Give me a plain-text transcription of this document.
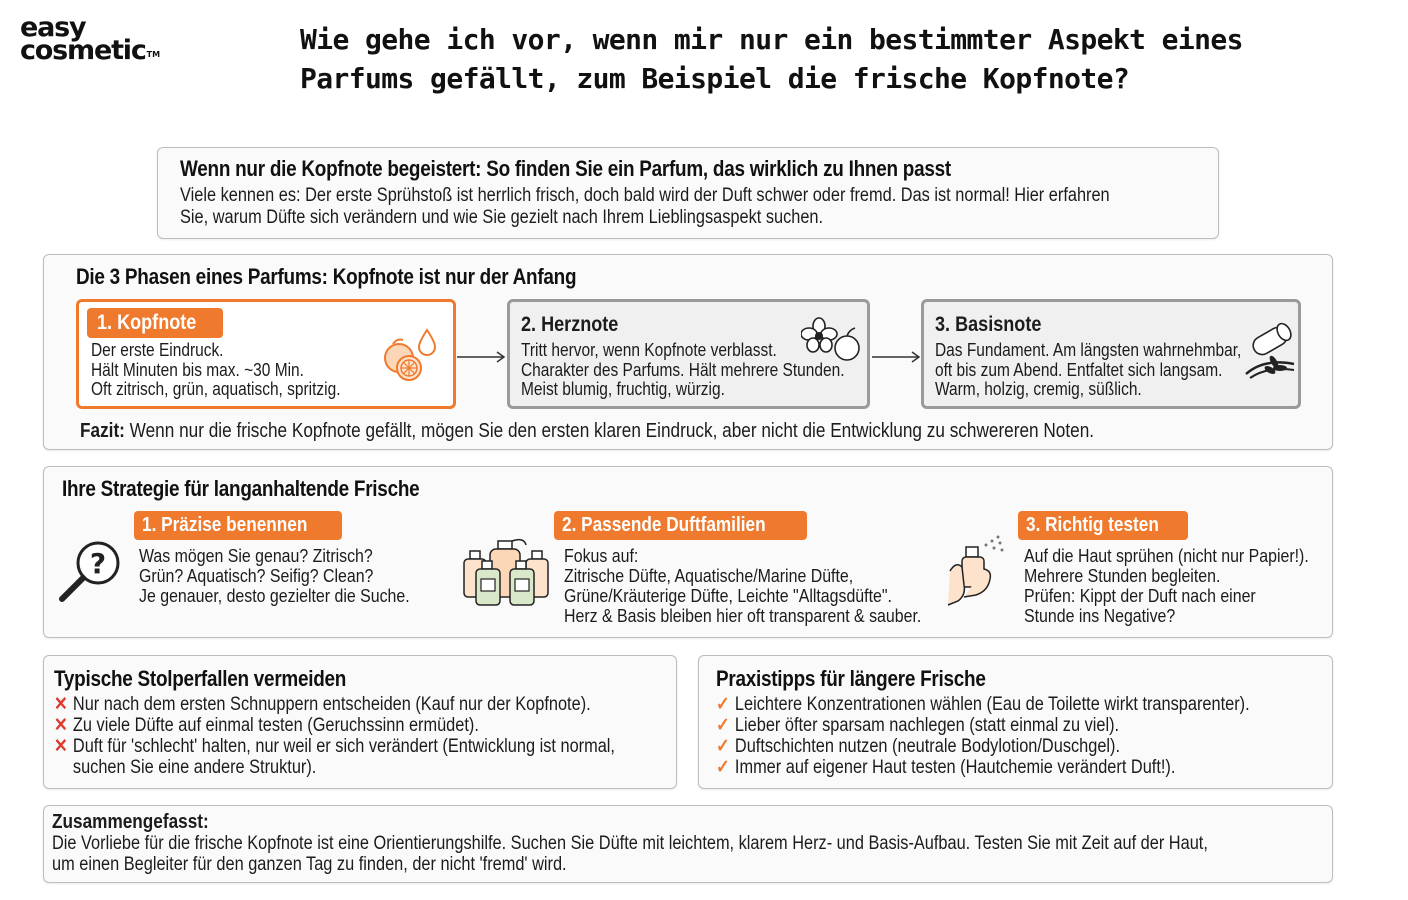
easy
cosmetic™	Wie gehe ich vor, wenn mir nur ein bestimmter Aspekt eines
Parfums gefällt, zum Beispiel die frische Kopfnote?
Wenn nur die Kopfnote begeistert: So finden Sie ein Parfum, das wirklich zu Ihnen passt
Viele kennen es: Der erste Sprühstoß ist herrlich frisch, doch bald wird der Duft schwer oder fremd. Das ist normal! Hier erfahren
Sie, warum Düfte sich verändern und wie Sie gezielt nach Ihrem Lieblingsaspekt suchen.
Die 3 Phasen eines Parfums: Kopfnote ist nur der Anfang
1. Kopfnote
Der erste Eindruck.
Hält Minuten bis max. ~30 Min.
Oft zitrisch, grün, aquatisch, spritzig.
2. Herznote
Tritt hervor, wenn Kopfnote verblasst.
Charakter des Parfums. Hält mehrere Stunden.
Meist blumig, fruchtig, würzig.
3. Basisnote
Das Fundament. Am längsten wahrnehmbar,
oft bis zum Abend. Entfaltet sich langsam.
Warm, holzig, cremig, süßlich.
Fazit: Wenn nur die frische Kopfnote gefällt, mögen Sie den ersten klaren Eindruck, aber nicht die Entwicklung zu schwereren Noten.
Ihre Strategie für langanhaltende Frische
?
1. Präzise benennen
Was mögen Sie genau? Zitrisch?
Grün? Aquatisch? Seifig? Clean?
Je genauer, desto gezielter die Suche.
2. Passende Duftfamilien
Fokus auf:
Zitrische Düfte, Aquatische/Marine Düfte,
Grüne/Kräuterige Düfte, Leichte "Alltagsdüfte".
Herz & Basis bleiben hier oft transparent & sauber.
3. Richtig testen
Auf die Haut sprühen (nicht nur Papier!).
Mehrere Stunden begleiten.
Prüfen: Kippt der Duft nach einer
Stunde ins Negative?
Typische Stolperfallen vermeiden
✕ Nur nach dem ersten Schnuppern entscheiden (Kauf nur der Kopfnote).
✕ Zu viele Düfte auf einmal testen (Geruchssinn ermüdet).
✕ Duft für 'schlecht' halten, nur weil er sich verändert (Entwicklung ist normal,
suchen Sie eine andere Struktur).
Praxistipps für längere Frische
✓ Leichtere Konzentrationen wählen (Eau de Toilette wirkt transparenter).
✓ Lieber öfter sparsam nachlegen (statt einmal zu viel).
✓ Duftschichten nutzen (neutrale Bodylotion/Duschgel).
✓ Immer auf eigener Haut testen (Hautchemie verändert Duft!).
Zusammengefasst:
Die Vorliebe für die frische Kopfnote ist eine Orientierungshilfe. Suchen Sie Düfte mit leichtem, klarem Herz- und Basis-Aufbau. Testen Sie mit Zeit auf der Haut,
um einen Begleiter für den ganzen Tag zu finden, der nicht 'fremd' wird.
